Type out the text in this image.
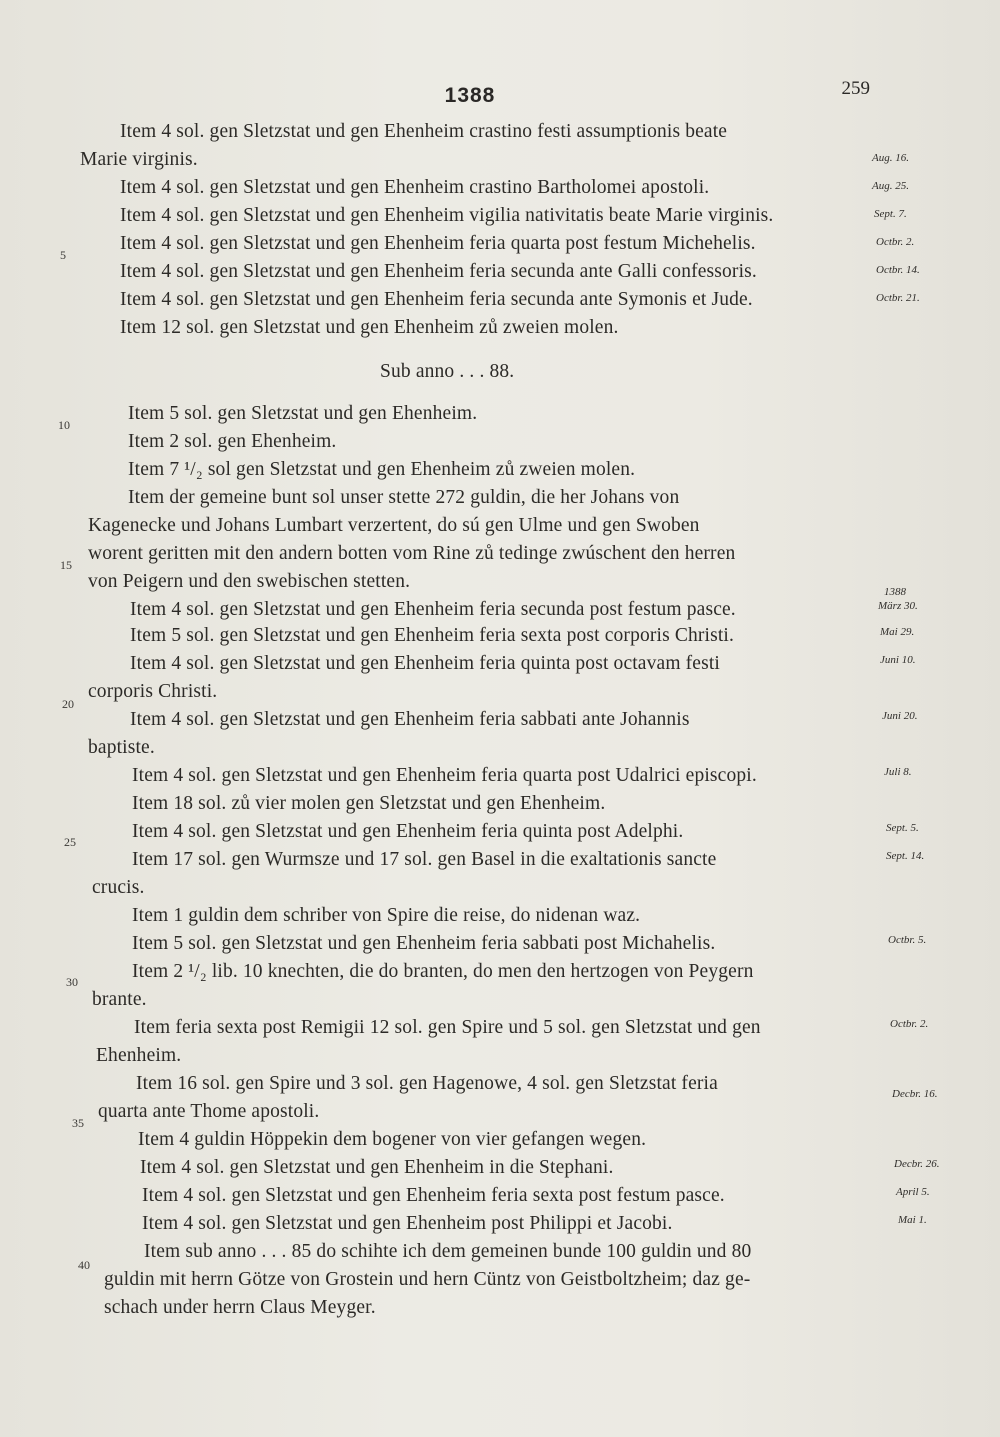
1388	259
Item 4 sol. gen Sletzstat und gen Ehenheim crastino festi assumptionis beate
Marie virginis.
Item 4 sol. gen Sletzstat und gen Ehenheim crastino Bartholomei apostoli.
Item 4 sol. gen Sletzstat und gen Ehenheim vigilia nativitatis beate Marie virginis.
Item 4 sol. gen Sletzstat und gen Ehenheim feria quarta post festum Michehelis.
Item 4 sol. gen Sletzstat und gen Ehenheim feria secunda ante Galli confessoris.
Item 4 sol. gen Sletzstat und gen Ehenheim feria secunda ante Symonis et Jude.
Item 12 sol. gen Sletzstat und gen Ehenheim zů zweien molen.
Sub anno . . . 88.
Item 5 sol. gen Sletzstat und gen Ehenheim.
Item 2 sol. gen Ehenheim.
Item 7 ¹/₂ sol gen Sletzstat und gen Ehenheim zů zweien molen.
Item der gemeine bunt sol unser stette 272 guldin, die her Johans von
Kagenecke und Johans Lumbart verzertent, do sú gen Ulme und gen Swoben
worent geritten mit den andern botten vom Rine zů tedinge zwúschent den herren
von Peigern und den swebischen stetten.
Item 4 sol. gen Sletzstat und gen Ehenheim feria secunda post festum pasce.
Item 5 sol. gen Sletzstat und gen Ehenheim feria sexta post corporis Christi.
Item 4 sol. gen Sletzstat und gen Ehenheim feria quinta post octavam festi
corporis Christi.
Item 4 sol. gen Sletzstat und gen Ehenheim feria sabbati ante Johannis
baptiste.
Item 4 sol. gen Sletzstat und gen Ehenheim feria quarta post Udalrici episcopi.
Item 18 sol. zů vier molen gen Sletzstat und gen Ehenheim.
Item 4 sol. gen Sletzstat und gen Ehenheim feria quinta post Adelphi.
Item 17 sol. gen Wurmsze und 17 sol. gen Basel in die exaltationis sancte
crucis.
Item 1 guldin dem schriber von Spire die reise, do nidenan waz.
Item 5 sol. gen Sletzstat und gen Ehenheim feria sabbati post Michahelis.
Item 2 ¹/₂ lib. 10 knechten, die do branten, do men den hertzogen von Peygern
brante.
Item feria sexta post Remigii 12 sol. gen Spire und 5 sol. gen Sletzstat und gen
Ehenheim.
Item 16 sol. gen Spire und 3 sol. gen Hagenowe, 4 sol. gen Sletzstat feria
quarta ante Thome apostoli.
Item 4 guldin Höppekin dem bogener von vier gefangen wegen.
Item 4 sol. gen Sletzstat und gen Ehenheim in die Stephani.
Item 4 sol. gen Sletzstat und gen Ehenheim feria sexta post festum pasce.
Item 4 sol. gen Sletzstat und gen Ehenheim post Philippi et Jacobi.
Item sub anno . . . 85 do schihte ich dem gemeinen bunde 100 guldin und 80
guldin mit herrn Götze von Grostein und hern Cüntz von Geistboltzheim; daz ge-
schach under herrn Claus Meyger.
5
10
15
20
25
30
35
40
Aug. 16.
Aug. 25.
Sept. 7.
Octbr. 2.
Octbr. 14.
Octbr. 21.
1388
März 30.
Mai 29.
Juni 10.
Juni 20.
Juli 8.
Sept. 5.
Sept. 14.
Octbr. 5.
Octbr. 2.
Decbr. 16.
Decbr. 26.
April 5.
Mai 1.
